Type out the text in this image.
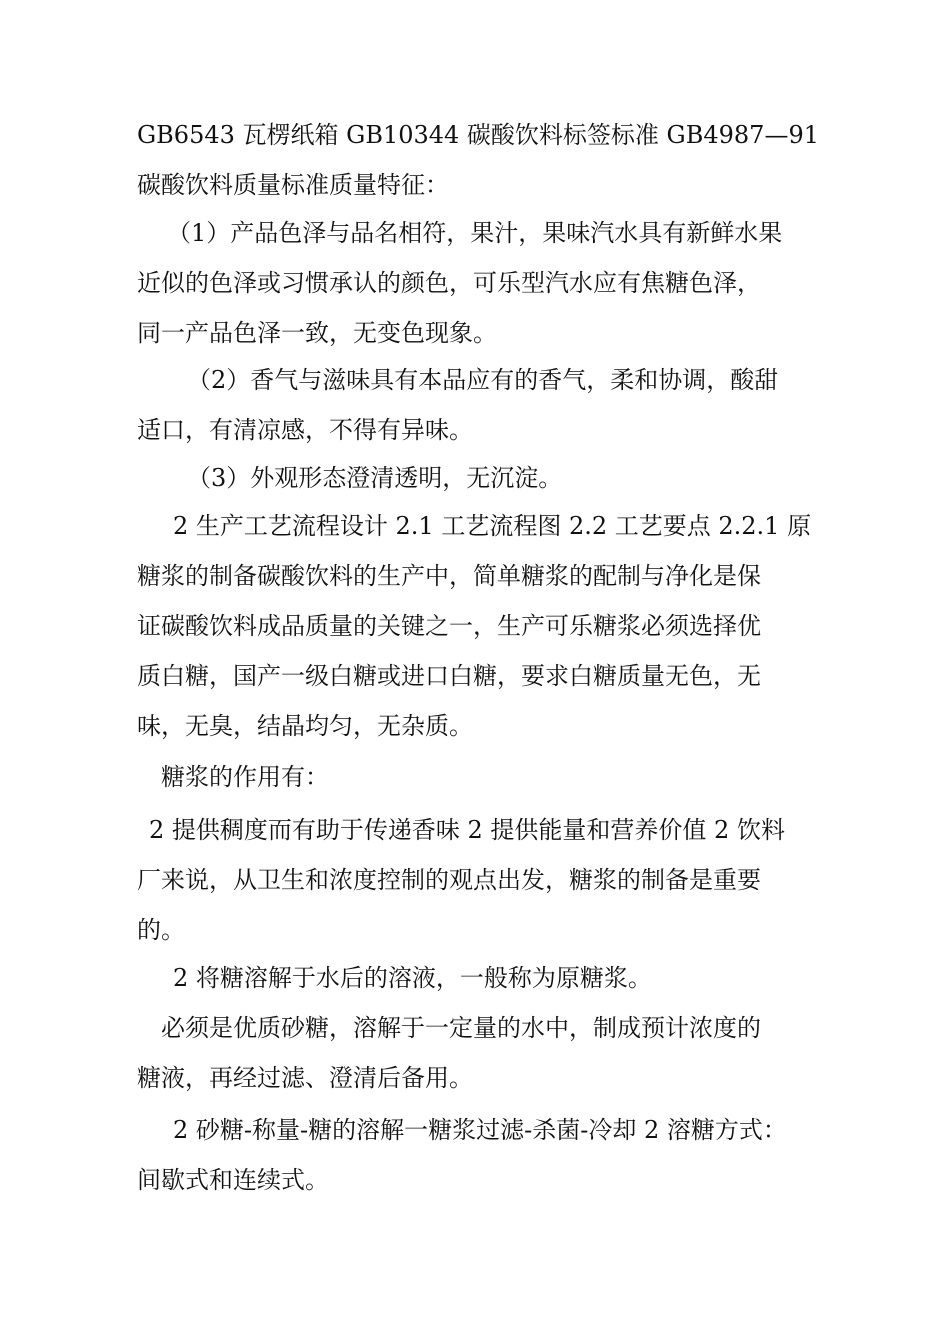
GB6543 瓦楞纸箱 GB10344 碳酸饮料标签标准 GB4987—91
碳酸饮料质量标准质量特征：

（1）产品色泽与品名相符，果汁，果味汽水具有新鲜水果
近似的色泽或习惯承认的颜色，可乐型汽水应有焦糖色泽，
同一产品色泽一致，无变色现象。

（2）香气与滋味具有本品应有的香气，柔和协调，酸甜
适口，有清凉感，不得有异味。

（3）外观形态澄清透明，无沉淀。

2 生产工艺流程设计 2.1 工艺流程图 2.2 工艺要点 2.2.1 原
糖浆的制备碳酸饮料的生产中，简单糖浆的配制与净化是保
证碳酸饮料成品质量的关键之一，生产可乐糖浆必须选择优
质白糖，国产一级白糖或进口白糖，要求白糖质量无色，无
味，无臭，结晶均匀，无杂质。

糖浆的作用有：

2 提供稠度而有助于传递香味 2 提供能量和营养价值 2 饮料
厂来说，从卫生和浓度控制的观点出发，糖浆的制备是重要
的。

2 将糖溶解于水后的溶液，一般称为原糖浆。

必须是优质砂糖，溶解于一定量的水中，制成预计浓度的
糖液，再经过滤、澄清后备用。

2 砂糖-称量-糖的溶解一糖浆过滤-杀菌-冷却 2 溶糖方式：
间歇式和连续式。
